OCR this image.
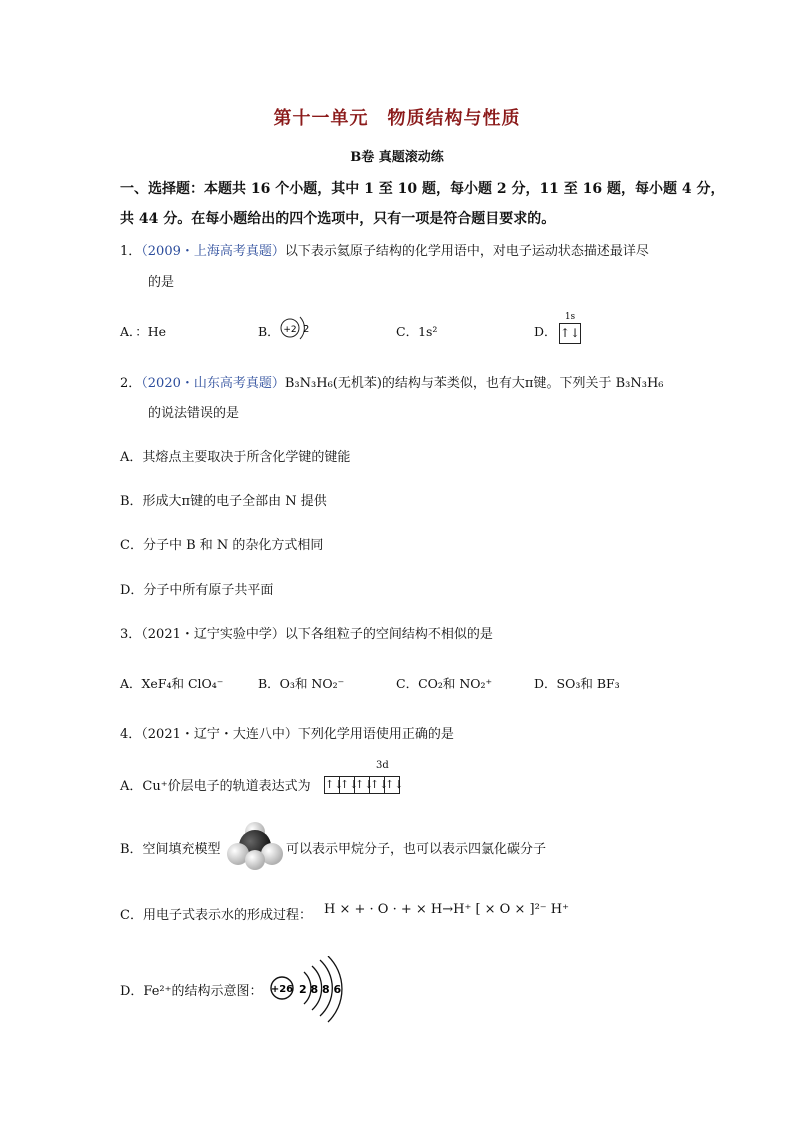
第十一单元　物质结构与性质
B卷 真题滚动练
一、选择题：本题共 16 个小题，其中 1 至 10 题，每小题 2 分，11 至 16 题，每小题 4 分，
共 44 分。在每小题给出的四个选项中，只有一项是符合题目要求的。
1．（2009・上海高考真题）以下表示氦原子结构的化学用语中，对电子运动状态描述最详尽
的是
A．：He	B． +2 2	C．1s²	D．
1s
↑↓
2．（2020・山东高考真题）B₃N₃H₆(无机苯)的结构与苯类似，也有大π键。下列关于 B₃N₃H₆
的说法错误的是
A．其熔点主要取决于所含化学键的键能
B．形成大π键的电子全部由 N 提供
C．分子中 B 和 N 的杂化方式相同
D．分子中所有原子共平面
3．（2021・辽宁实验中学）以下各组粒子的空间结构不相似的是
A．XeF₄和 ClO₄⁻	B．O₃和 NO₂⁻	C．CO₂和 NO₂⁺	D．SO₃和 BF₃
4．（2021・辽宁・大连八中）下列化学用语使用正确的是
A．Cu⁺价层电子的轨道表达式为
3d
↑↓
↑↓
↑↓
↑↓
↑↓
B．空间填充模型	可以表示甲烷分子，也可以表示四氯化碳分子
C．用电子式表示水的形成过程： H × + · O · + × H→H⁺ [ × O × ]²⁻ H⁺
D．Fe²⁺的结构示意图： +26 2 8 8 6
